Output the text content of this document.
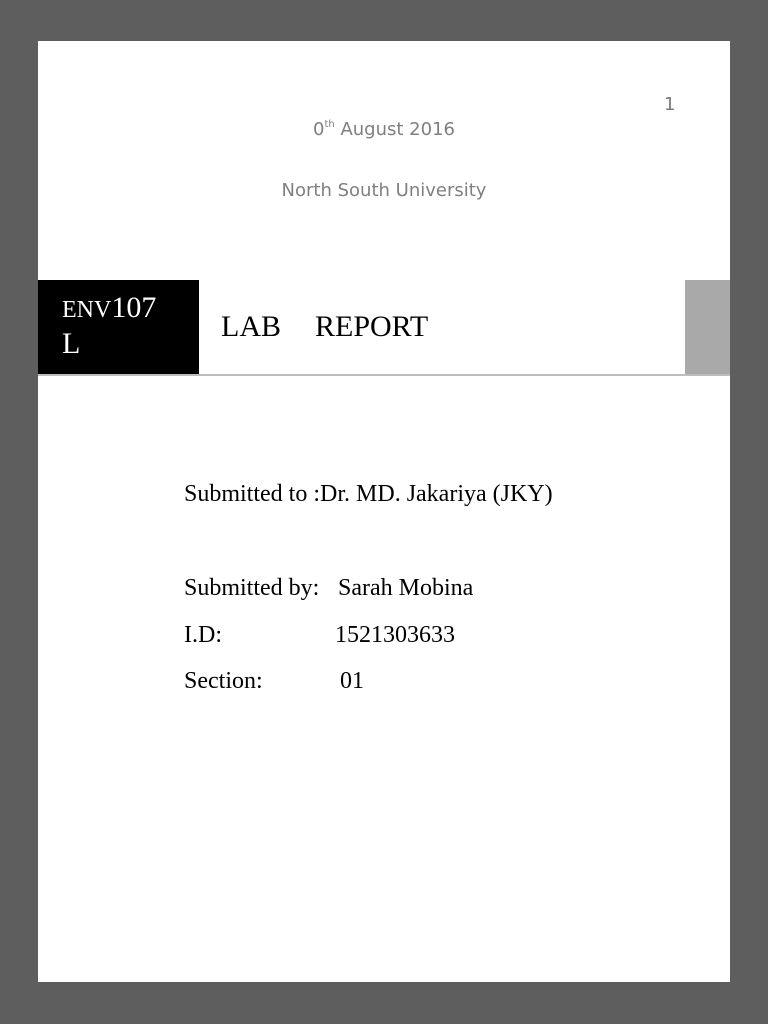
1
0th August 2016
North South University
ENV107
L
LAB REPORT
Submitted to :Dr. MD. Jakariya (JKY)
Submitted by: Sarah Mobina
I.D:	1521303633
Section:	01
